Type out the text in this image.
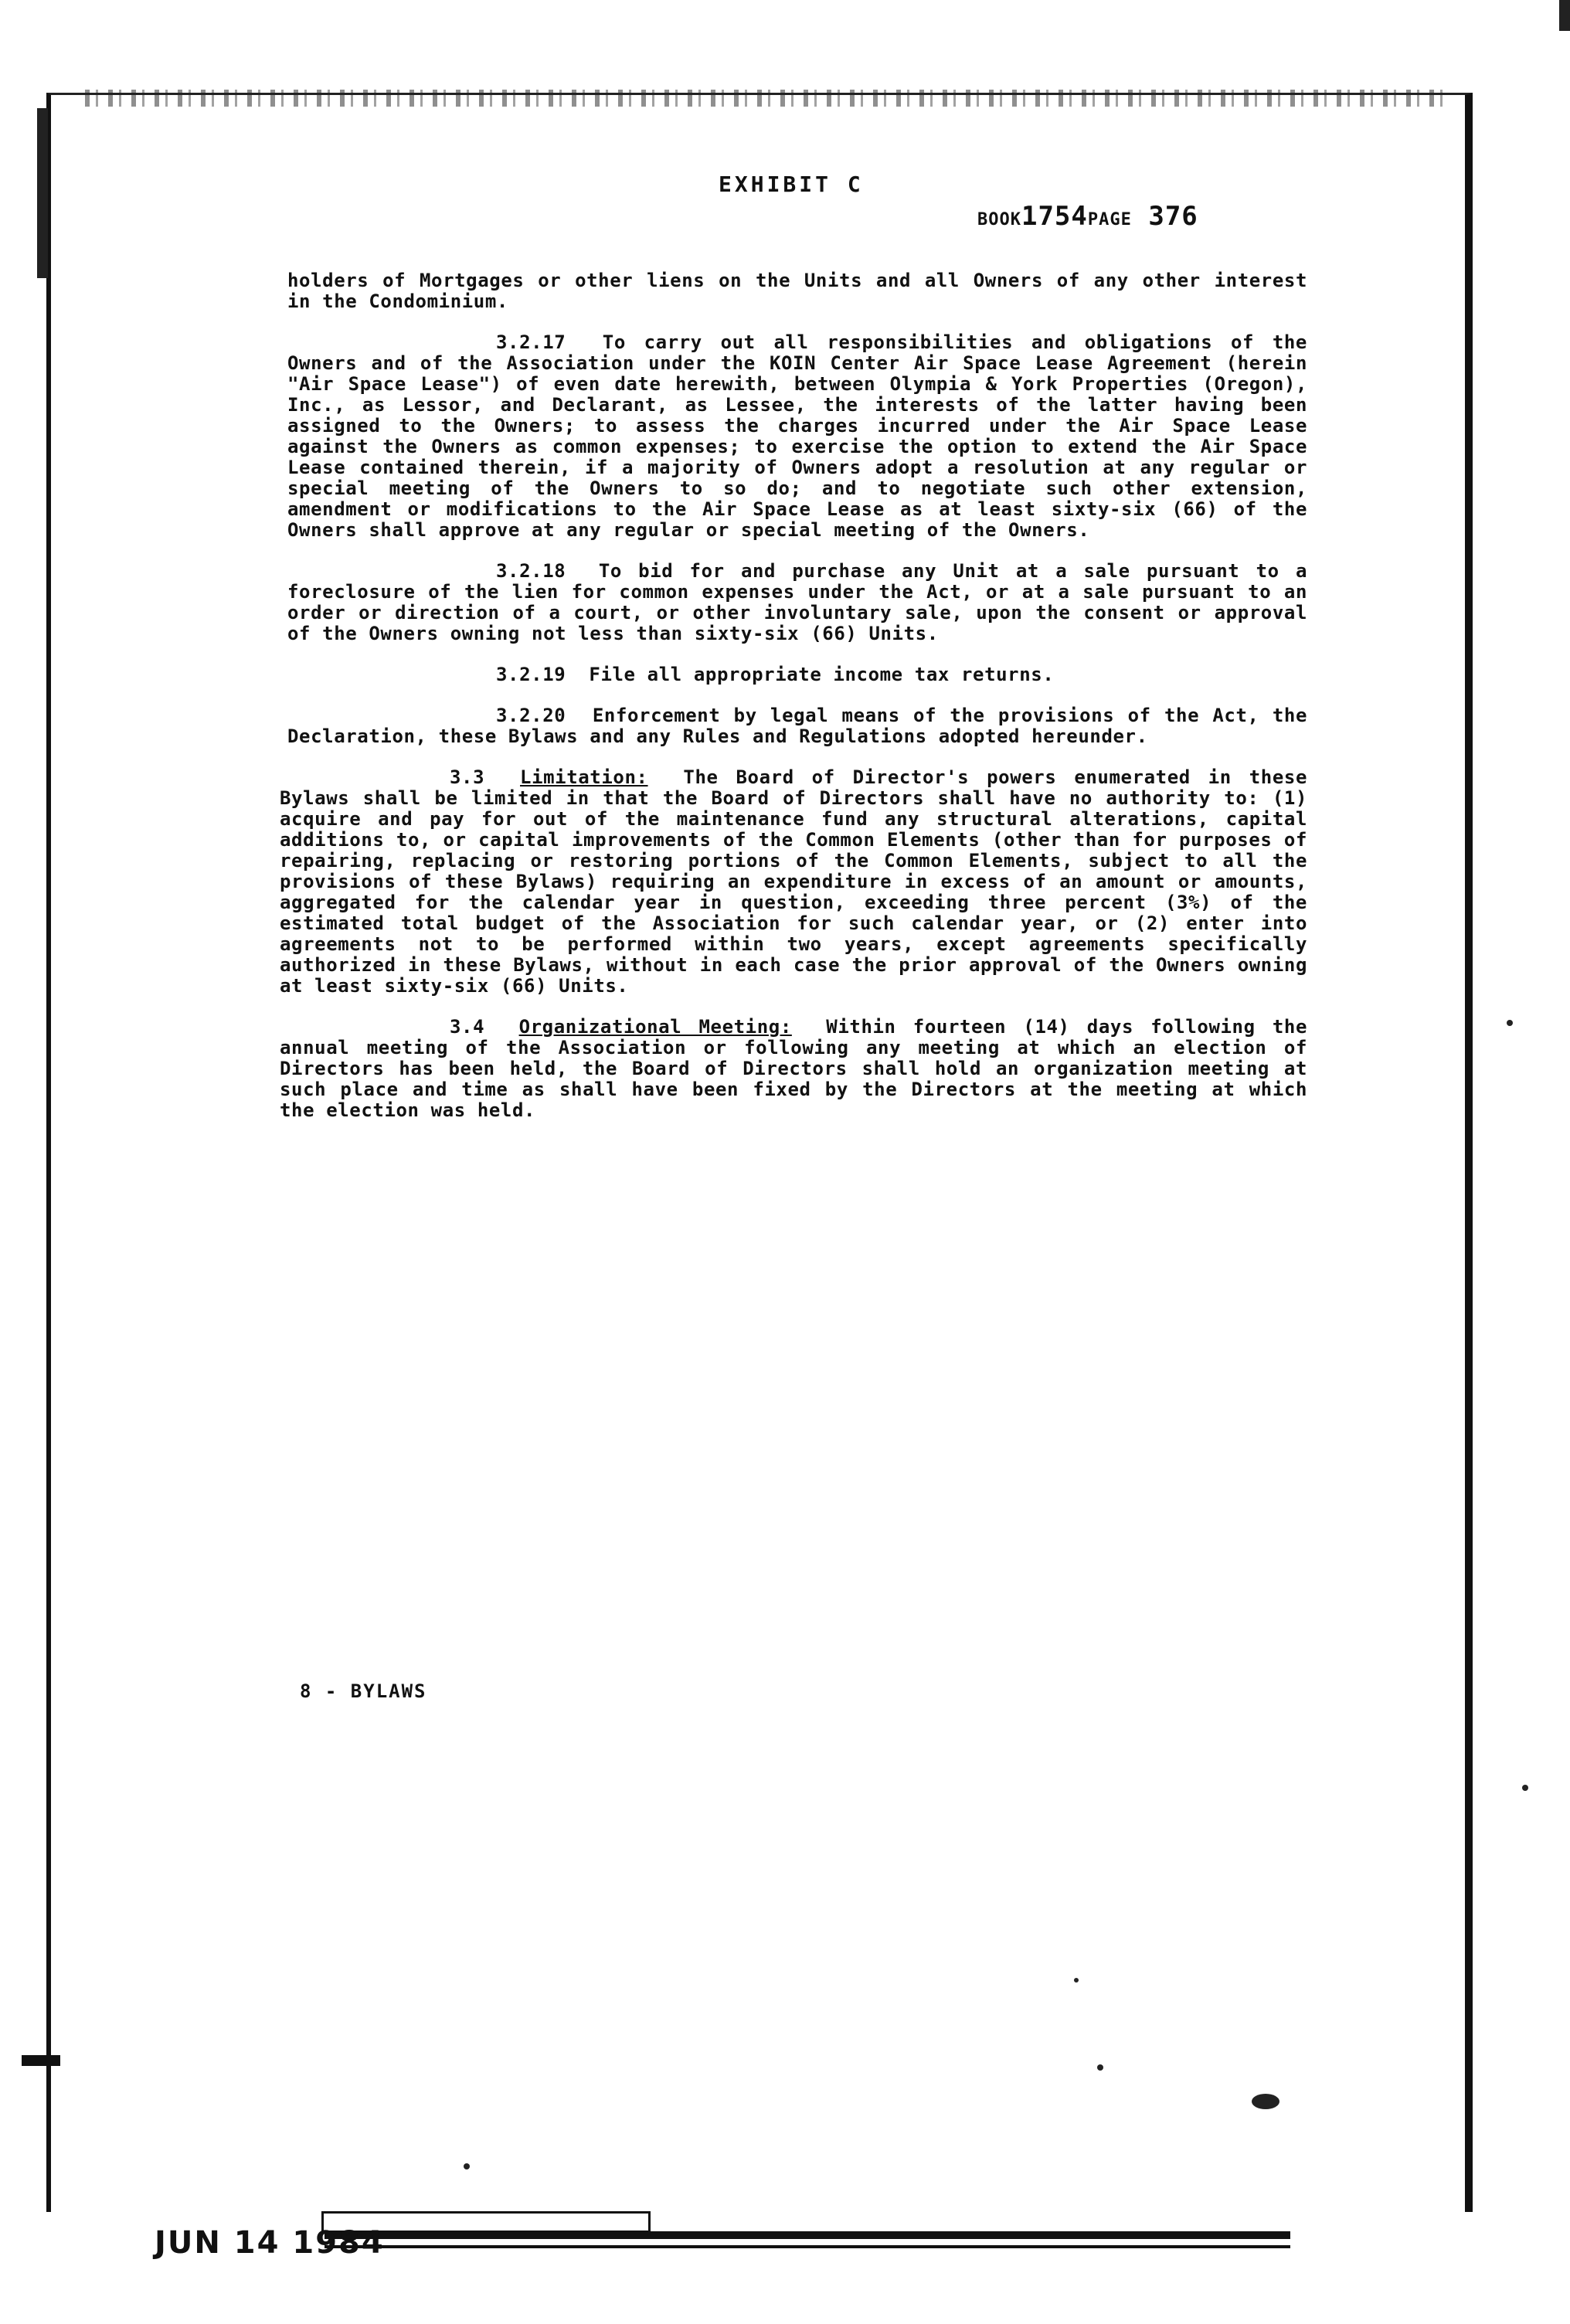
EXHIBIT C
BOOK1754PAGE 376

holders of Mortgages or other liens on the Units and all Owners of any other interest in the Condominium.

3.2.17 To carry out all responsibilities and obligations of the Owners and of the Association under the KOIN Center Air Space Lease Agreement (herein "Air Space Lease") of even date herewith, between Olympia & York Properties (Oregon), Inc., as Lessor, and Declarant, as Lessee, the interests of the latter having been assigned to the Owners; to assess the charges incurred under the Air Space Lease against the Owners as common expenses; to exercise the option to extend the Air Space Lease contained therein, if a majority of Owners adopt a resolution at any regular or special meeting of the Owners to so do; and to negotiate such other extension, amendment or modifications to the Air Space Lease as at least sixty-six (66) of the Owners shall approve at any regular or special meeting of the Owners.

3.2.18 To bid for and purchase any Unit at a sale pursuant to a foreclosure of the lien for common expenses under the Act, or at a sale pursuant to an order or direction of a court, or other involuntary sale, upon the consent or approval of the Owners owning not less than sixty-six (66) Units.

3.2.19 File all appropriate income tax returns.

3.2.20 Enforcement by legal means of the provisions of the Act, the Declaration, these Bylaws and any Rules and Regulations adopted hereunder.

3.3 Limitation: The Board of Director's powers enumerated in these Bylaws shall be limited in that the Board of Directors shall have no authority to: (1) acquire and pay for out of the maintenance fund any structural alterations, capital additions to, or capital improvements of the Common Elements (other than for purposes of repairing, replacing or restoring portions of the Common Elements, subject to all the provisions of these Bylaws) requiring an expenditure in excess of an amount or amounts, aggregated for the calendar year in question, exceeding three percent (3%) of the estimated total budget of the Association for such calendar year, or (2) enter into agreements not to be performed within two years, except agreements specifically authorized in these Bylaws, without in each case the prior approval of the Owners owning at least sixty-six (66) Units.

3.4 Organizational Meeting: Within fourteen (14) days following the annual meeting of the Association or following any meeting at which an election of Directors has been held, the Board of Directors shall hold an organization meeting at such place and time as shall have been fixed by the Directors at the meeting at which the election was held.

8 - BYLAWS
JUN 14 1984
